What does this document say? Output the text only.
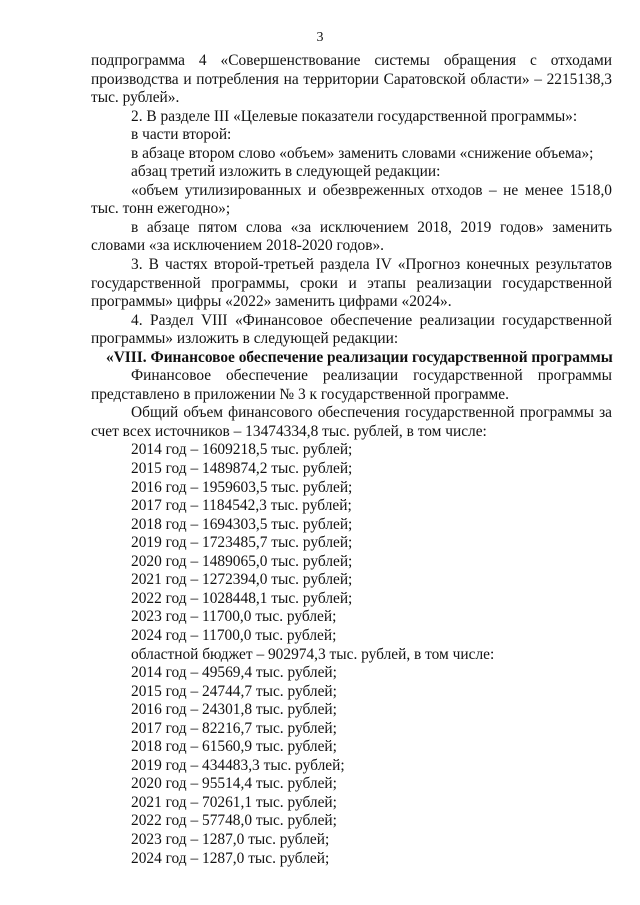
3

подпрограмма 4 «Совершенствование системы обращения с отходами производства и потребления на территории Саратовской области» – 2215138,3 тыс. рублей».

2. В разделе III «Целевые показатели государственной программы»:

в части второй:

в абзаце втором слово «объем» заменить словами «снижение объема»;

абзац третий изложить в следующей редакции:

«объем утилизированных и обезвреженных отходов – не менее 1518,0 тыс. тонн ежегодно»;

в абзаце пятом слова «за исключением 2018, 2019 годов» заменить словами «за исключением 2018-2020 годов».

3. В частях второй-третьей раздела IV «Прогноз конечных результатов государственной программы, сроки и этапы реализации государственной программы» цифры «2022» заменить цифрами «2024».

4. Раздел VIII «Финансовое обеспечение реализации государственной программы» изложить в следующей редакции:

«VIII. Финансовое обеспечение реализации государственной программы

Финансовое обеспечение реализации государственной программы представлено в приложении № 3 к государственной программе.

Общий объем финансового обеспечения государственной программы за счет всех источников – 13474334,8 тыс. рублей, в том числе:

2014 год – 1609218,5 тыс. рублей;
2015 год – 1489874,2 тыс. рублей;
2016 год – 1959603,5 тыс. рублей;
2017 год – 1184542,3 тыс. рублей;
2018 год – 1694303,5 тыс. рублей;
2019 год – 1723485,7 тыс. рублей;
2020 год – 1489065,0 тыс. рублей;
2021 год – 1272394,0 тыс. рублей;
2022 год – 1028448,1 тыс. рублей;
2023 год – 11700,0 тыс. рублей;
2024 год – 11700,0 тыс. рублей;

областной бюджет – 902974,3 тыс. рублей, в том числе:

2014 год – 49569,4 тыс. рублей;
2015 год – 24744,7 тыс. рублей;
2016 год – 24301,8 тыс. рублей;
2017 год – 82216,7 тыс. рублей;
2018 год – 61560,9 тыс. рублей;
2019 год – 434483,3 тыс. рублей;
2020 год – 95514,4 тыс. рублей;
2021 год – 70261,1 тыс. рублей;
2022 год – 57748,0 тыс. рублей;
2023 год – 1287,0 тыс. рублей;
2024 год – 1287,0 тыс. рублей;
